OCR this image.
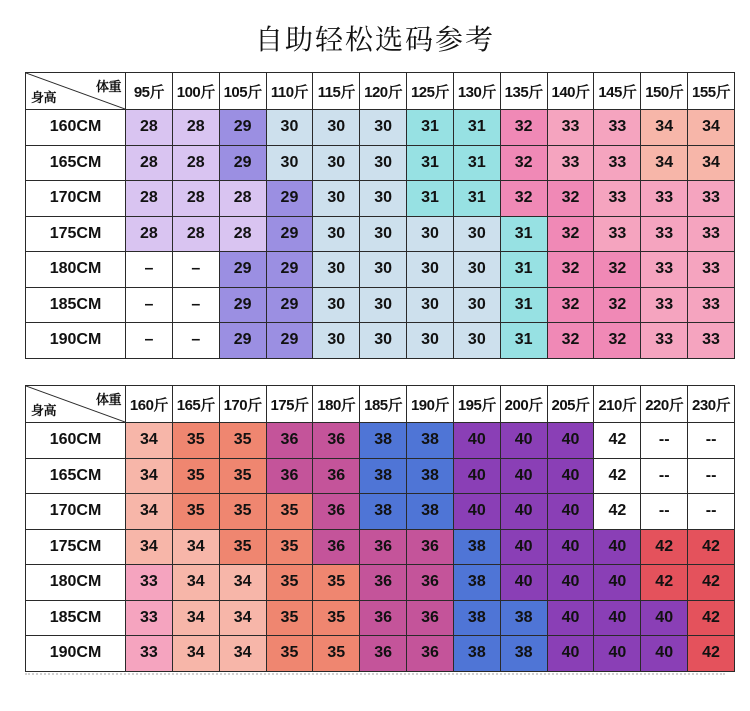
自助轻松选码参考
身高
体重	95斤	100斤	105斤	110斤	115斤	120斤	125斤	130斤	135斤	140斤	145斤	150斤	155斤
160CM	28	28	29	30	30	30	31	31	32	33	33	34	34
165CM	28	28	29	30	30	30	31	31	32	33	33	34	34
170CM	28	28	28	29	30	30	31	31	32	32	33	33	33
175CM	28	28	28	29	30	30	30	30	31	32	33	33	33
180CM	–	–	29	29	30	30	30	30	31	32	32	33	33
185CM	–	–	29	29	30	30	30	30	31	32	32	33	33
190CM	–	–	29	29	30	30	30	30	31	32	32	33	33
身高
体重	160斤	165斤	170斤	175斤	180斤	185斤	190斤	195斤	200斤	205斤	210斤	220斤	230斤
160CM	34	35	35	36	36	38	38	40	40	40	42	--	--
165CM	34	35	35	36	36	38	38	40	40	40	42	--	--
170CM	34	35	35	35	36	38	38	40	40	40	42	--	--
175CM	34	34	35	35	36	36	36	38	40	40	40	42	42
180CM	33	34	34	35	35	36	36	38	40	40	40	42	42
185CM	33	34	34	35	35	36	36	38	38	40	40	40	42
190CM	33	34	34	35	35	36	36	38	38	40	40	40	42
